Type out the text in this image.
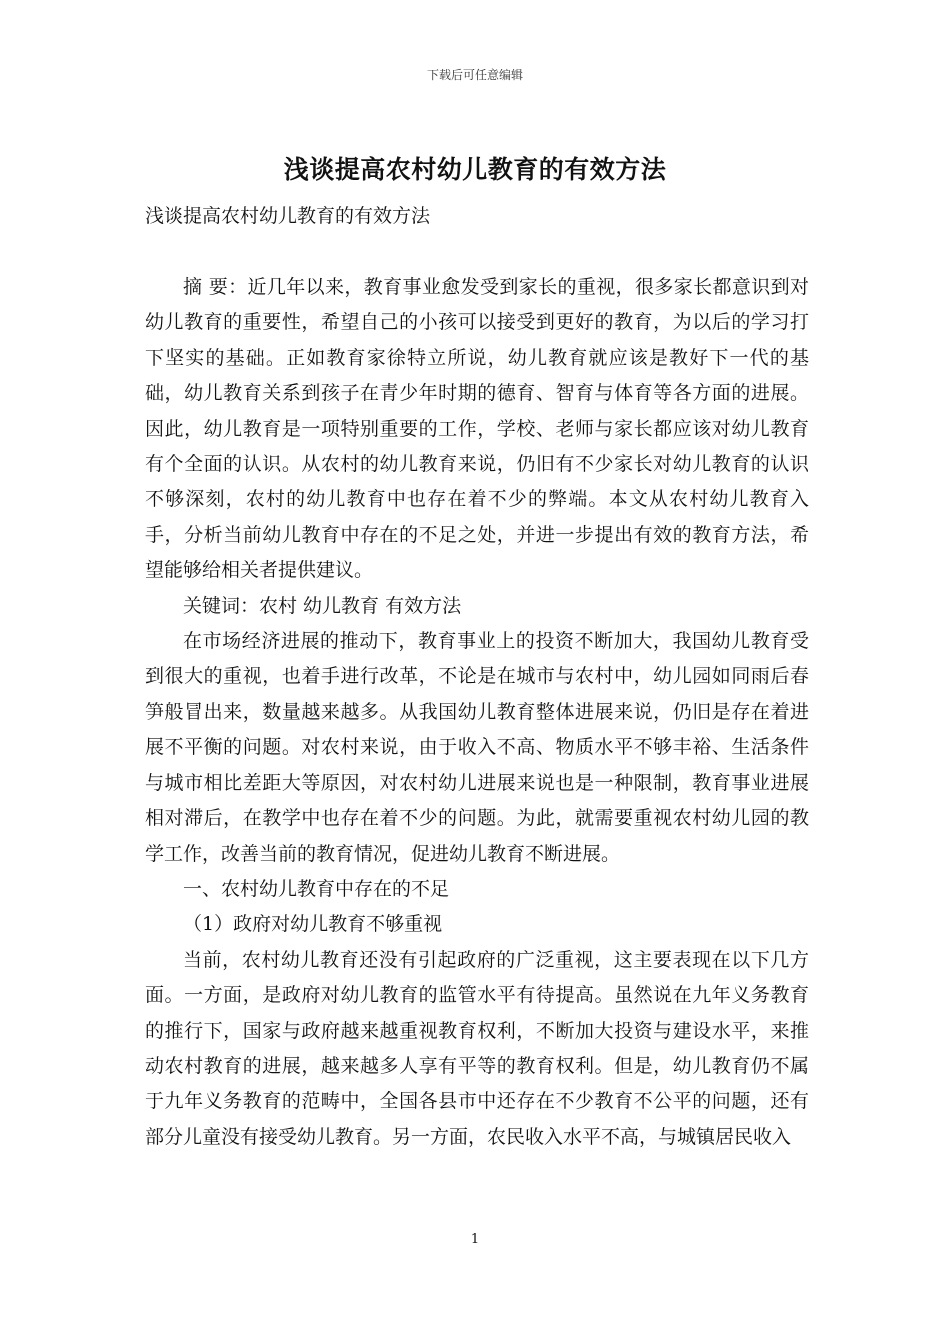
下载后可任意编辑
浅谈提高农村幼儿教育的有效方法
浅谈提高农村幼儿教育的有效方法

摘 要：近几年以来，教育事业愈发受到家长的重视，很多家长都意识到对幼儿教育的重要性，希望自己的小孩可以接受到更好的教育，为以后的学习打下坚实的基础。正如教育家徐特立所说，幼儿教育就应该是教好下一代的基础，幼儿教育关系到孩子在青少年时期的德育、智育与体育等各方面的进展。因此，幼儿教育是一项特别重要的工作，学校、老师与家长都应该对幼儿教育有个全面的认识。从农村的幼儿教育来说，仍旧有不少家长对幼儿教育的认识不够深刻，农村的幼儿教育中也存在着不少的弊端。本文从农村幼儿教育入手，分析当前幼儿教育中存在的不足之处，并进一步提出有效的教育方法，希望能够给相关者提供建议。

关键词：农村 幼儿教育 有效方法

在市场经济进展的推动下，教育事业上的投资不断加大，我国幼儿教育受到很大的重视，也着手进行改革，不论是在城市与农村中，幼儿园如同雨后春笋般冒出来，数量越来越多。从我国幼儿教育整体进展来说，仍旧是存在着进展不平衡的问题。对农村来说，由于收入不高、物质水平不够丰裕、生活条件与城市相比差距大等原因，对农村幼儿进展来说也是一种限制，教育事业进展相对滞后，在教学中也存在着不少的问题。为此，就需要重视农村幼儿园的教学工作，改善当前的教育情况，促进幼儿教育不断进展。

一、农村幼儿教育中存在的不足

（1）政府对幼儿教育不够重视

当前，农村幼儿教育还没有引起政府的广泛重视，这主要表现在以下几方面。一方面，是政府对幼儿教育的监管水平有待提高。虽然说在九年义务教育的推行下，国家与政府越来越重视教育权利，不断加大投资与建设水平，来推动农村教育的进展，越来越多人享有平等的教育权利。但是，幼儿教育仍不属于九年义务教育的范畴中，全国各县市中还存在不少教育不公平的问题，还有部分儿童没有接受幼儿教育。另一方面，农民收入水平不高，与城镇居民收入

1
